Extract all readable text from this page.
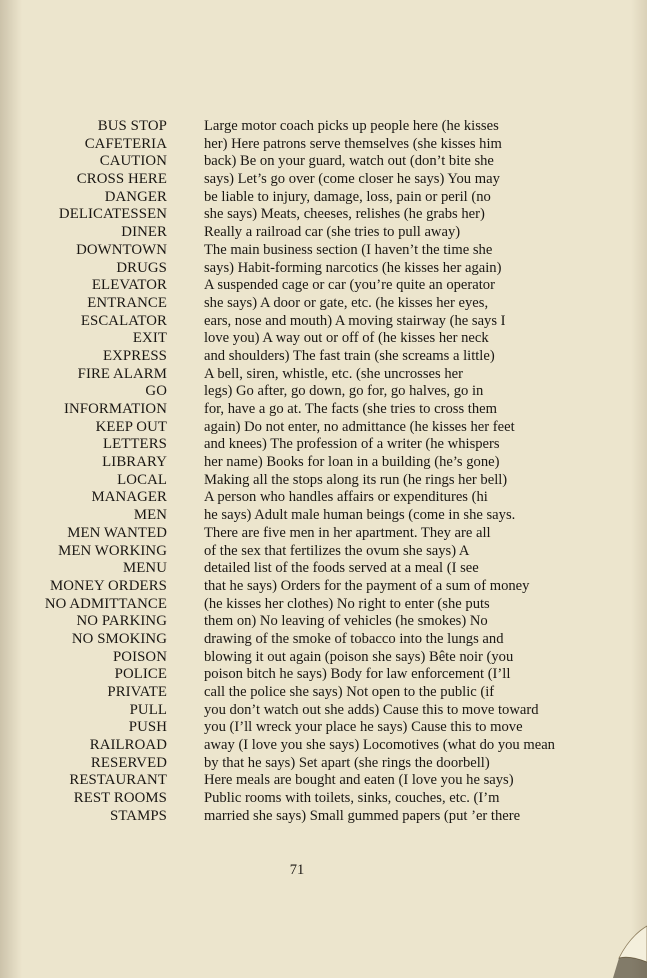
BUS STOP
CAFETERIA
CAUTION
CROSS HERE
DANGER
DELICATESSEN
DINER
DOWNTOWN
DRUGS
ELEVATOR
ENTRANCE
ESCALATOR
EXIT
EXPRESS
FIRE ALARM
GO
INFORMATION
KEEP OUT
LETTERS
LIBRARY
LOCAL
MANAGER
MEN
MEN WANTED
MEN WORKING
MENU
MONEY ORDERS
NO ADMITTANCE
NO PARKING
NO SMOKING
POISON
POLICE
PRIVATE
PULL
PUSH
RAILROAD
RESERVED
RESTAURANT
REST ROOMS
STAMPS
Large motor coach picks up people here (he kisses
her) Here patrons serve themselves (she kisses him
back) Be on your guard, watch out (don’t bite she
says) Let’s go over (come closer he says) You may
be liable to injury, damage, loss, pain or peril (no
she says) Meats, cheeses, relishes (he grabs her)
Really a railroad car (she tries to pull away)
The main business section (I haven’t the time she
says) Habit-forming narcotics (he kisses her again)
A suspended cage or car (you’re quite an operator
she says) A door or gate, etc. (he kisses her eyes,
ears, nose and mouth) A moving stairway (he says I
love you) A way out or off of (he kisses her neck
and shoulders) The fast train (she screams a little)
A bell, siren, whistle, etc. (she uncrosses her
legs) Go after, go down, go for, go halves, go in
for, have a go at. The facts (she tries to cross them
again) Do not enter, no admittance (he kisses her feet
and knees) The profession of a writer (he whispers
her name) Books for loan in a building (he’s gone)
Making all the stops along its run (he rings her bell)
A person who handles affairs or expenditures (hi
he says) Adult male human beings (come in she says.
There are five men in her apartment. They are all
of the sex that fertilizes the ovum she says) A
detailed list of the foods served at a meal (I see
that he says) Orders for the payment of a sum of money
(he kisses her clothes) No right to enter (she puts
them on) No leaving of vehicles (he smokes) No
drawing of the smoke of tobacco into the lungs and
blowing it out again (poison she says) Bête noir (you
poison bitch he says) Body for law enforcement (I’ll
call the police she says) Not open to the public (if
you don’t watch out she adds) Cause this to move toward
you (I’ll wreck your place he says) Cause this to move
away (I love you she says) Locomotives (what do you mean
by that he says) Set apart (she rings the doorbell)
Here meals are bought and eaten (I love you he says)
Public rooms with toilets, sinks, couches, etc. (I’m
married she says) Small gummed papers (put ’er there
71
